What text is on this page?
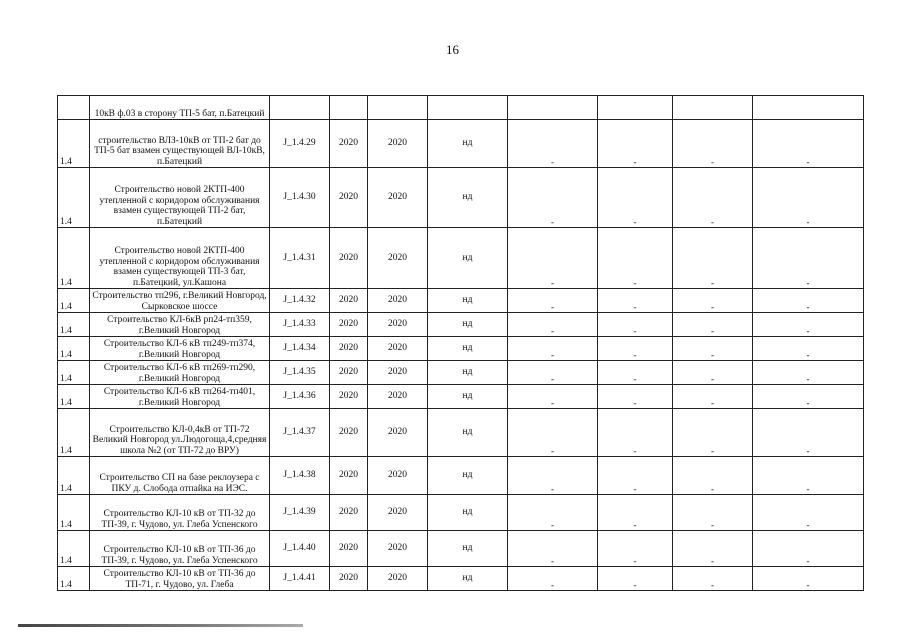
16
	10кВ ф.03 в сторону ТП-5 бат, п.Батецкий								
1.4	строительство ВЛЗ-10кВ от ТП-2 бат до ТП-5 бат взамен существующей ВЛ-10кВ, п.Батецкий	J_1.4.29	2020	2020	нд	-	-	-	-
1.4	Строительство новой 2КТП-400 утепленной с коридором обслуживания взамен существующей ТП-2 бат, п.Батецкий	J_1.4.30	2020	2020	нд	-	-	-	-
1.4	Строительство новой 2КТП-400 утепленной с коридором обслуживания взамен существующей ТП-3 бат, п.Батецкий, ул.Кашона	J_1.4.31	2020	2020	нд	-	-	-	-
1.4	Строительство тп296, г.Великий Новгород, Сырковское шоссе	J_1.4.32	2020	2020	нд	-	-	-	-
1.4	Строительство КЛ-6кВ рп24-тп359, г.Великий Новгород	J_1.4.33	2020	2020	нд	-	-	-	-
1.4	Строительство КЛ-6 кВ тп249-тп374, г.Великий Новгород	J_1.4.34	2020	2020	нд	-	-	-	-
1.4	Строительство КЛ-6 кВ тп269-тп290, г.Великий Новгород	J_1.4.35	2020	2020	нд	-	-	-	-
1.4	Строительство КЛ-6 кВ тп264-тп401, г.Великий Новгород	J_1.4.36	2020	2020	нд	-	-	-	-
1.4	Строительство КЛ-0,4кВ от ТП-72 Великий Новгород ул.Людогоща,4,средняя школа №2 (от ТП-72 до ВРУ)	J_1.4.37	2020	2020	нд	-	-	-	-
1.4	Строительство СП на базе реклоузера с ПКУ д. Слобода отпайка на ИЭС.	J_1.4.38	2020	2020	нд	-	-	-	-
1.4	Строительство КЛ-10 кВ от ТП-32 до ТП-39, г. Чудово, ул. Глеба Успенского	J_1.4.39	2020	2020	нд	-	-	-	-
1.4	Строительство КЛ-10 кВ от ТП-36 до ТП-39, г. Чудово, ул. Глеба Успенского	J_1.4.40	2020	2020	нд	-	-	-	-
1.4	Строительство КЛ-10 кВ от ТП-36 до ТП-71, г. Чудово, ул. Глеба	J_1.4.41	2020	2020	нд	-	-	-	-
